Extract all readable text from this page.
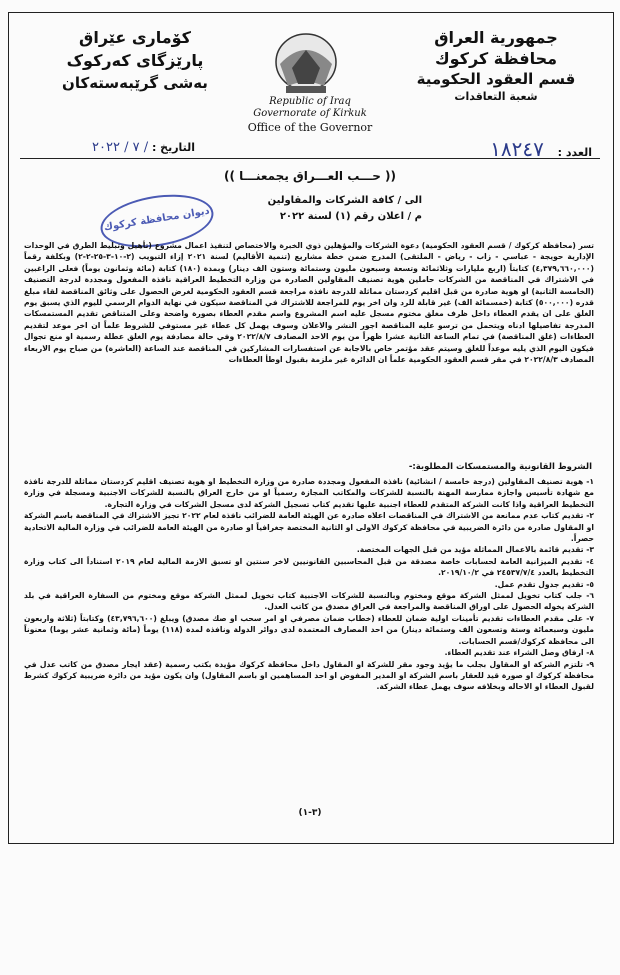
جمهورية العراق
محافظة كركوك
قسم العقود الحكومية
شعبة التعاقدات
کۆماری عێراق
پارێزگای کەرکوک
بەشی گرێبەستەکان
Republic of Iraq
Governorate of Kirkuk
Office of the Governor
العدد : ١٨٢٤٧
التاريخ : / ٧ / ٢٠٢٢
(( حـــب العـــراق يجمعنـــا ))
الى / كافة الشركات والمقاولين
م / اعلان رقم (١) لسنة ٢٠٢٢
ديوان محافظة كركوك
تسر (محافظة كركوك / قسم العقود الحكومية) دعوة الشركات والمؤهلين ذوي الخبرة والاختصاص لتنفيذ اعمال مشروع (تأهيل وتبليط الطرق في الوحدات الإدارية حويجة - عباسي - زاب - رياض - الملتقى) المدرج ضمن خطة مشاريع (تنمية الأقاليم) لسنة ٢٠٢١ إزاء التبويب (٢-١٠-٣-٢٥-٢-٢) وبكلفة رقماً (٤,٣٧٩,٦٦٠,٠٠٠) كتابتاً (اربع مليارات وثلاثمائة وتسعة وسبعون مليون وستمائة وستون الف دينار) وبمدة (١٨٠) كتابة (مائة وثمانون يوماً) فعلى الراغبين في الاشتراك في المناقصة من الشركات حاملين هوية تصنيف المقاولين الصادرة من وزارة التخطيط العراقية نافذة المفعول ومجددة لدرجة التصنيف (الخامسة الثانية) او هوية صادرة من قبل اقليم كردستان مماثلة للدرجة نافذة مراجعة قسم العقود الحكومية لغرض الحصول على وثائق المناقصة لقاء مبلغ قدره (٥٠٠,٠٠٠) كتابة (خمسمائة الف) غير قابلة للرد وان اخر يوم للمراجعة للاشتراك في المناقصة سيكون في نهاية الدوام الرسمي لليوم الذي يسبق يوم الغلق على ان يقدم العطاء داخل ظرف مغلق مختوم مسجل عليه اسم المشروع واسم مقدم العطاء بصورة واضحة وعلى المتناقص تقديم المستمسكات المدرجة تفاصيلها ادناه ويتحمل من ترسو عليه المناقصة اجور النشر والاعلان وسوف يهمل كل عطاء غير مستوفي للشروط علماً ان اخر موعد لتقديم العطاءات (غلق المناقصة) في تمام الساعة الثانية عشرا ظهراً من يوم الاحد المصادف ٢٠٢٢/٨/٧ وفي حالة مصادفة يوم الغلق عطلة رسمية او منع تجوال فيكون اليوم الذي يليه موعداً للغلق وسيتم عقد مؤتمر خاص بالاجابة عن استفسارات المشاركين في المناقصة عند الساعة (العاشرة) من صباح يوم الاربعاء المصادف ٢٠٢٢/٨/٣ في مقر قسم العقود الحكومية علماً ان الدائرة غير ملزمة بقبول اوطأ العطاءات
الشروط القانونية والمستمسكات المطلوبة:-
١- هوية تصنيف المقاولين (درجة خامسة / انشائية) نافذة المفعول ومجددة صادرة من وزارة التخطيط او هوية تصنيف اقليم كردستان مماثلة للدرجة نافذة مع شهادة تأسيس واجازة ممارسة المهنة بالنسبة للشركات والمكاتب المجازة رسمياً او من خارج العراق بالنسبة للشركات الاجنبية ومسجلة في وزارة التخطيط العراقية واذا كانت الشركة المتقدم للعطاء اجنبية عليها تقديم كتاب تسجيل الشركة لدى مسجل الشركات في وزارة التجارة.
٢- تقديم كتاب عدم ممانعة من الاشتراك في المناقصات اعلاه صادرة عن الهيئة العامة للضرائب نافذة لعام ٢٠٢٢ تجيز الاشتراك في المناقصة باسم الشركة او المقاول صادرة من دائرة الضريبية في محافظة كركوك الاولى او الثانية المختصة جغرافياً او صادرة من الهيئة العامة للضرائب في وزارة المالية الاتحادية حصراً.
٣- تقديم قائمة بالاعمال المماثلة مؤيد من قبل الجهات المختصة.
٤- تقديم الميزانية العامة لحسابات خاصة مصدقة من قبل المحاسبين القانونيين لاخر سنتين او تسبق الازمة المالية لعام ٢٠١٩ استناداً الى كتاب وزارة التخطيط بالعدد ٢٤٥٣٧/٧/٤ في ٢٠١٩/١٠/٢.
٥- تقديم جدول تقدم عمل.
٦- جلب كتاب تخويل لممثل الشركة موقع ومختوم وبالنسبة للشركات الاجنبية كتاب تخويل لممثل الشركة موقع ومختوم من السفارة العراقية في بلد الشركة يخوله الحصول على اوراق المناقصة والمراجعة في العراق مصدق من كاتب العدل.
٧- على مقدم العطاءات تقديم تأمينات اولية ضمان للعطاء (خطاب ضمان مصرفي او امر سحب او صك مصدق) ويبلغ (٤٣,٧٩٦,٦٠٠) وكتابتاً (ثلاثة واربعون مليون وسبعمائة وستة وتسعون الف وستمائة دينار) من احد المصارف المعتمدة لدى دوائر الدولة ونافذة لمدة (١١٨) يوماً (مائة وثمانية عشر يوما) معنوناً الى محافظة كركوك/قسم الحسابات.
٨- ارفاق وصل الشراء عند تقديم العطاء.
٩- تلتزم الشركة او المقاول بجلب ما يؤيد وجود مقر للشركة او المقاول داخل محافظة كركوك مؤيدة بكتب رسمية (عقد ايجار مصدق من كاتب عدل في محافظة كركوك او صورة قيد للعقار باسم الشركة او المدير المفوض او احد المساهمين او باسم المقاول) وان يكون مؤيد من دائرة ضريبية كركوك كشرط لقبول العطاء او الاحاله وبخلافه سوف يهمل عطاء الشركة.
(٣-١)
